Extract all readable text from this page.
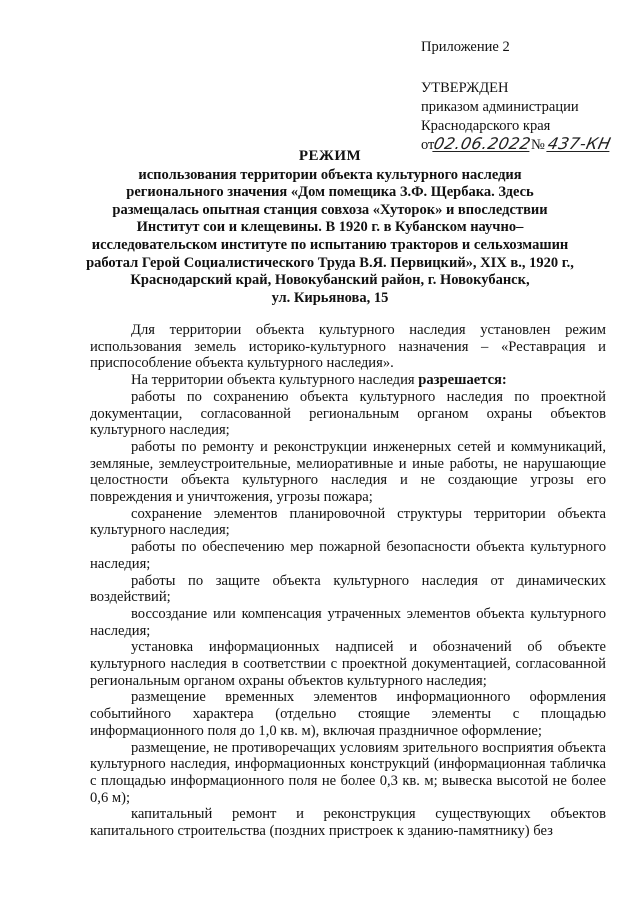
Приложение 2

УТВЕРЖДЕН

приказом администрации

Краснодарского края

от02.06.2022№ 437-КН

РЕЖИМ

использования территории объекта культурного наследия

регионального значения «Дом помещика З.Ф. Щербака. Здесь

размещалась опытная станция совхоза «Хуторок» и впоследствии

Институт сои и клещевины. В 1920 г. в Кубанском научно–

исследовательском институте по испытанию тракторов и сельхозмашин

работал Герой Социалистического Труда В.Я. Первицкий», XIX в., 1920 г.,

Краснодарский край, Новокубанский район, г. Новокубанск,

ул. Кирьянова, 15

Для территории объекта культурного наследия установлен режим использования земель историко-культурного назначения – «Реставрация и приспособление объекта культурного наследия».

На территории объекта культурного наследия разрешается:

работы по сохранению объекта культурного наследия по проектной документации, согласованной региональным органом охраны объектов культурного наследия;

работы по ремонту и реконструкции инженерных сетей и коммуникаций, земляные, землеустроительные, мелиоративные и иные работы, не нарушающие целостности объекта культурного наследия и не создающие угрозы его повреждения и уничтожения, угрозы пожара;

сохранение элементов планировочной структуры территории объекта культурного наследия;

работы по обеспечению мер пожарной безопасности объекта культурного наследия;

работы по защите объекта культурного наследия от динамических воздействий;

воссоздание или компенсация утраченных элементов объекта культурного наследия;

установка информационных надписей и обозначений об объекте культурного наследия в соответствии с проектной документацией, согласованной региональным органом охраны объектов культурного наследия;

размещение временных элементов информационного оформления событийного характера (отдельно стоящие элементы с площадью информационного поля до 1,0 кв. м), включая праздничное оформление;

размещение, не противоречащих условиям зрительного восприятия объекта культурного наследия, информационных конструкций (информационная табличка с площадью информационного поля не более 0,3 кв. м; вывеска высотой не более 0,6 м);

капитальный ремонт и реконструкция существующих объектов капитального строительства (поздних пристроек к зданию-памятнику) без
